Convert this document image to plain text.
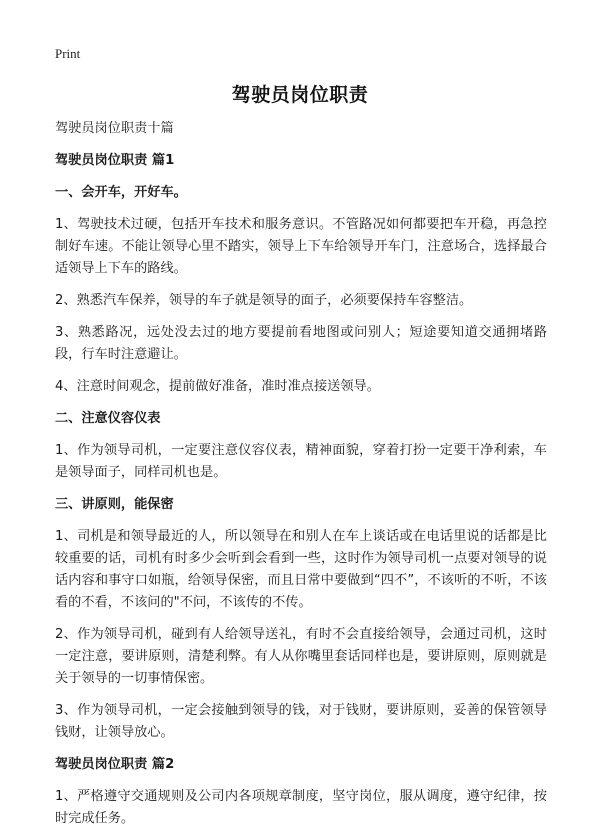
Print
驾驶员岗位职责

驾驶员岗位职责十篇

驾驶员岗位职责 篇1

一、会开车，开好车。

1、驾驶技术过硬，包括开车技术和服务意识。不管路况如何都要把车开稳，再急控制好车速。不能让领导心里不踏实，领导上下车给领导开车门，注意场合，选择最合适领导上下车的路线。

2、熟悉汽车保养，领导的车子就是领导的面子，必须要保持车容整洁。

3、熟悉路况，远处没去过的地方要提前看地图或问别人；短途要知道交通拥堵路段，行车时注意避让。

4、注意时间观念，提前做好准备，准时准点接送领导。

二、注意仪容仪表

1、作为领导司机，一定要注意仪容仪表，精神面貌，穿着打扮一定要干净利索，车是领导面子，同样司机也是。

三、讲原则，能保密

1、司机是和领导最近的人，所以领导在和别人在车上谈话或在电话里说的话都是比较重要的话，司机有时多少会听到会看到一些，这时作为领导司机一点要对领导的说话内容和事守口如瓶，给领导保密，而且日常中要做到“四不”，不该听的不听，不该看的不看，不该问的"不问，不该传的不传。

2、作为领导司机，碰到有人给领导送礼，有时不会直接给领导，会通过司机，这时一定注意，要讲原则，清楚利弊。有人从你嘴里套话同样也是，要讲原则，原则就是关于领导的一切事情保密。

3、作为领导司机，一定会接触到领导的钱，对于钱财，要讲原则，妥善的保管领导钱财，让领导放心。

驾驶员岗位职责 篇2

1、严格遵守交通规则及公司内各项规章制度，坚守岗位，服从调度，遵守纪律，按时完成任务。
